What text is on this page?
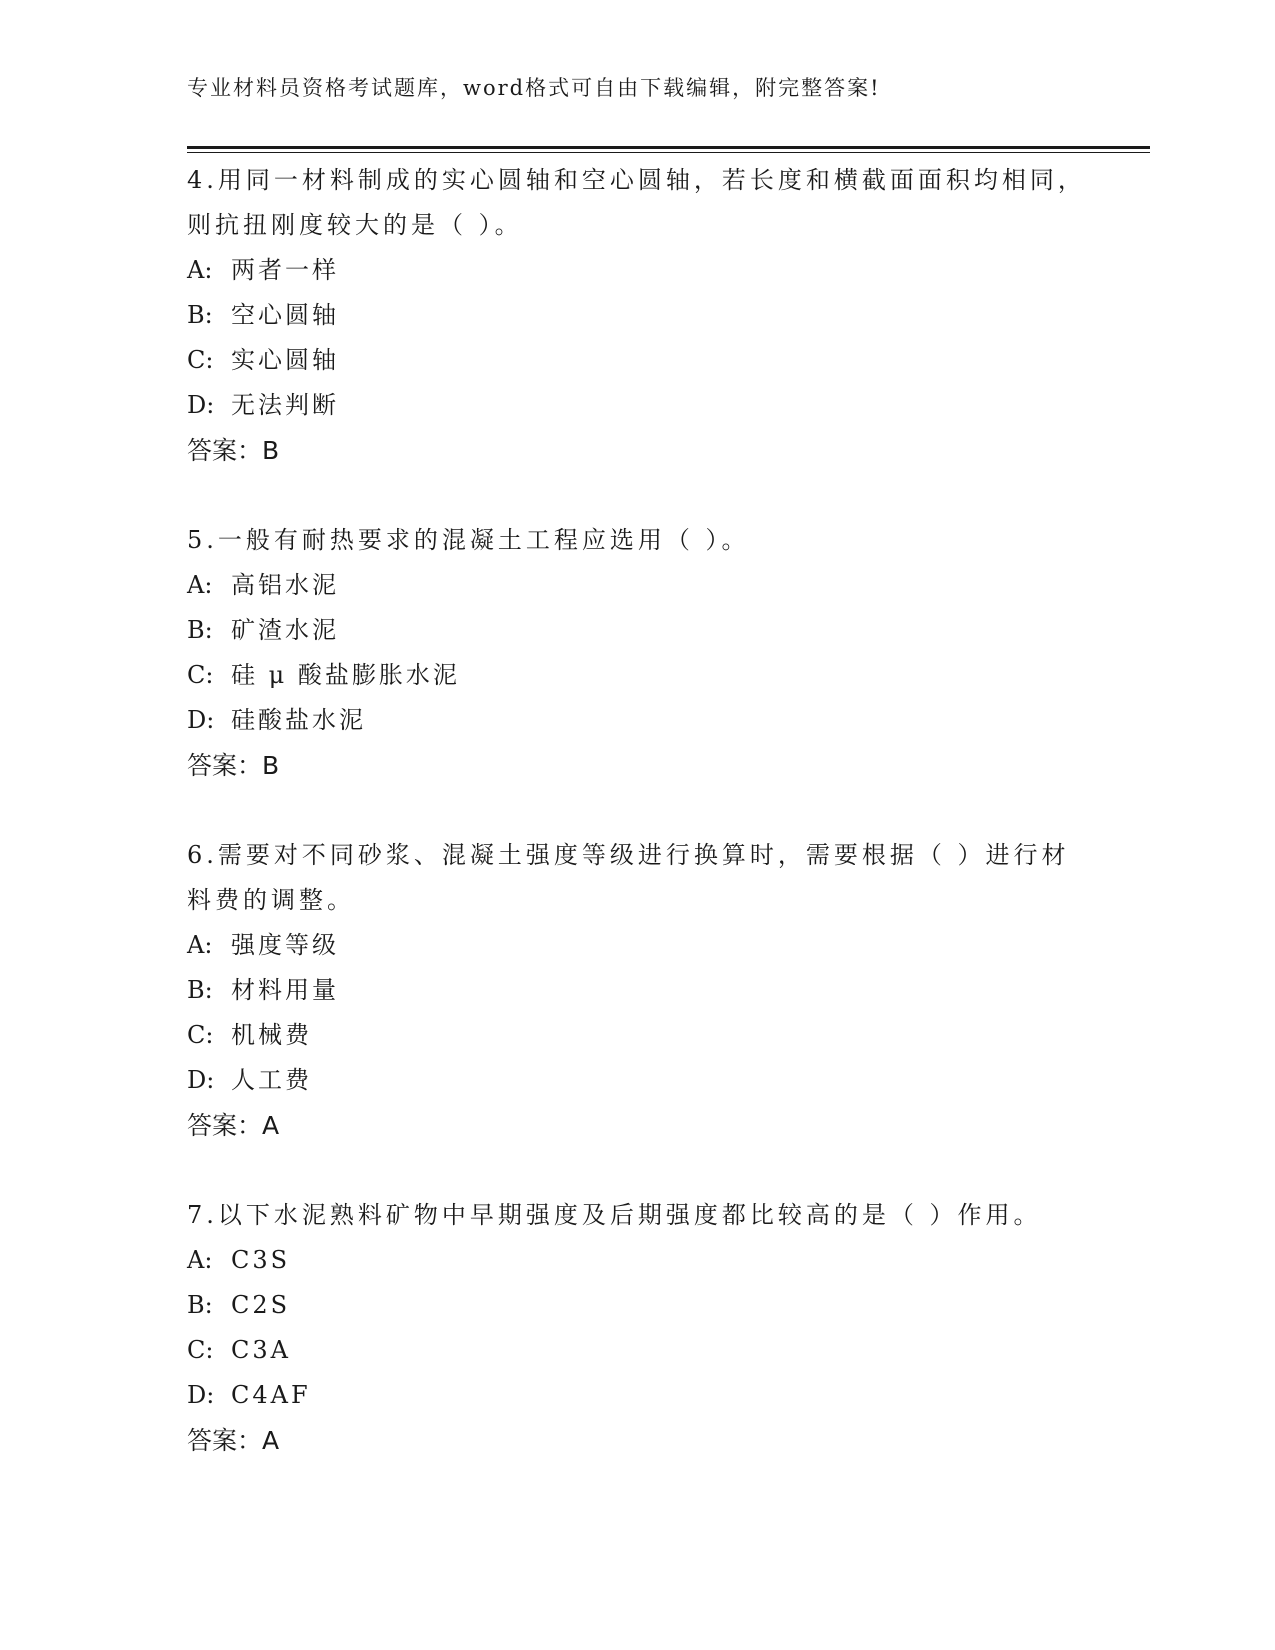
专业材料员资格考试题库，word格式可自由下载编辑，附完整答案!

4.用同一材料制成的实心圆轴和空心圆轴，若长度和横截面面积均相同，则抗扭刚度较大的是（ ）。

A: 两者一样
B: 空心圆轴
C: 实心圆轴
D: 无法判断
答案：B

5.一般有耐热要求的混凝土工程应选用（ ）。

A: 高铝水泥
B: 矿渣水泥
C: 硅 μ 酸盐膨胀水泥
D: 硅酸盐水泥
答案：B

6.需要对不同砂浆、混凝土强度等级进行换算时，需要根据（ ）进行材料费的调整。

A: 强度等级
B: 材料用量
C: 机械费
D: 人工费
答案：A

7.以下水泥熟料矿物中早期强度及后期强度都比较高的是（ ）作用。

A: C3S
B: C2S
C: C3A
D: C4AF
答案：A
